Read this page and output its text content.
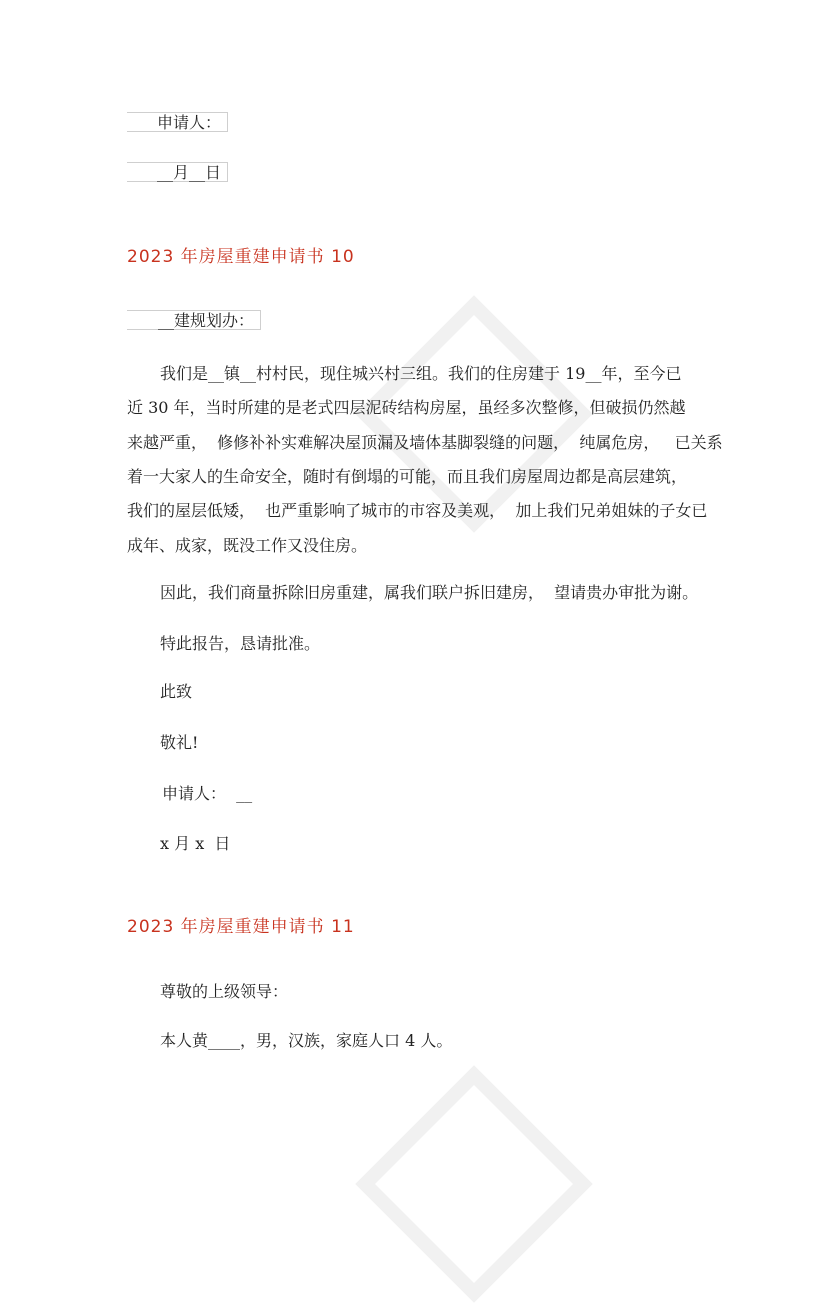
申请人：
__月__日
2023 年房屋重建申请书 10
__建规划办：
我们是__镇__村村民，现住城兴村三组。我们的住房建于 19__年，至今已
近 30 年，当时所建的是老式四层泥砖结构房屋，虽经多次整修，但破损仍然越
来越严重，  修修补补实难解决屋顶漏及墙体基脚裂缝的问题，  纯属危房，   已关系
着一大家人的生命安全，随时有倒塌的可能，而且我们房屋周边都是高层建筑，
我们的屋层低矮，  也严重影响了城市的市容及美观，  加上我们兄弟姐妹的子女已
成年、成家，既没工作又没住房。
因此，我们商量拆除旧房重建，属我们联户拆旧建房，  望请贵办审批为谢。
特此报告，恳请批准。
此致
敬礼!
申请人：  __
x 月 x  日
2023 年房屋重建申请书 11
尊敬的上级领导：
本人黄____，男，汉族，家庭人口 4 人。
